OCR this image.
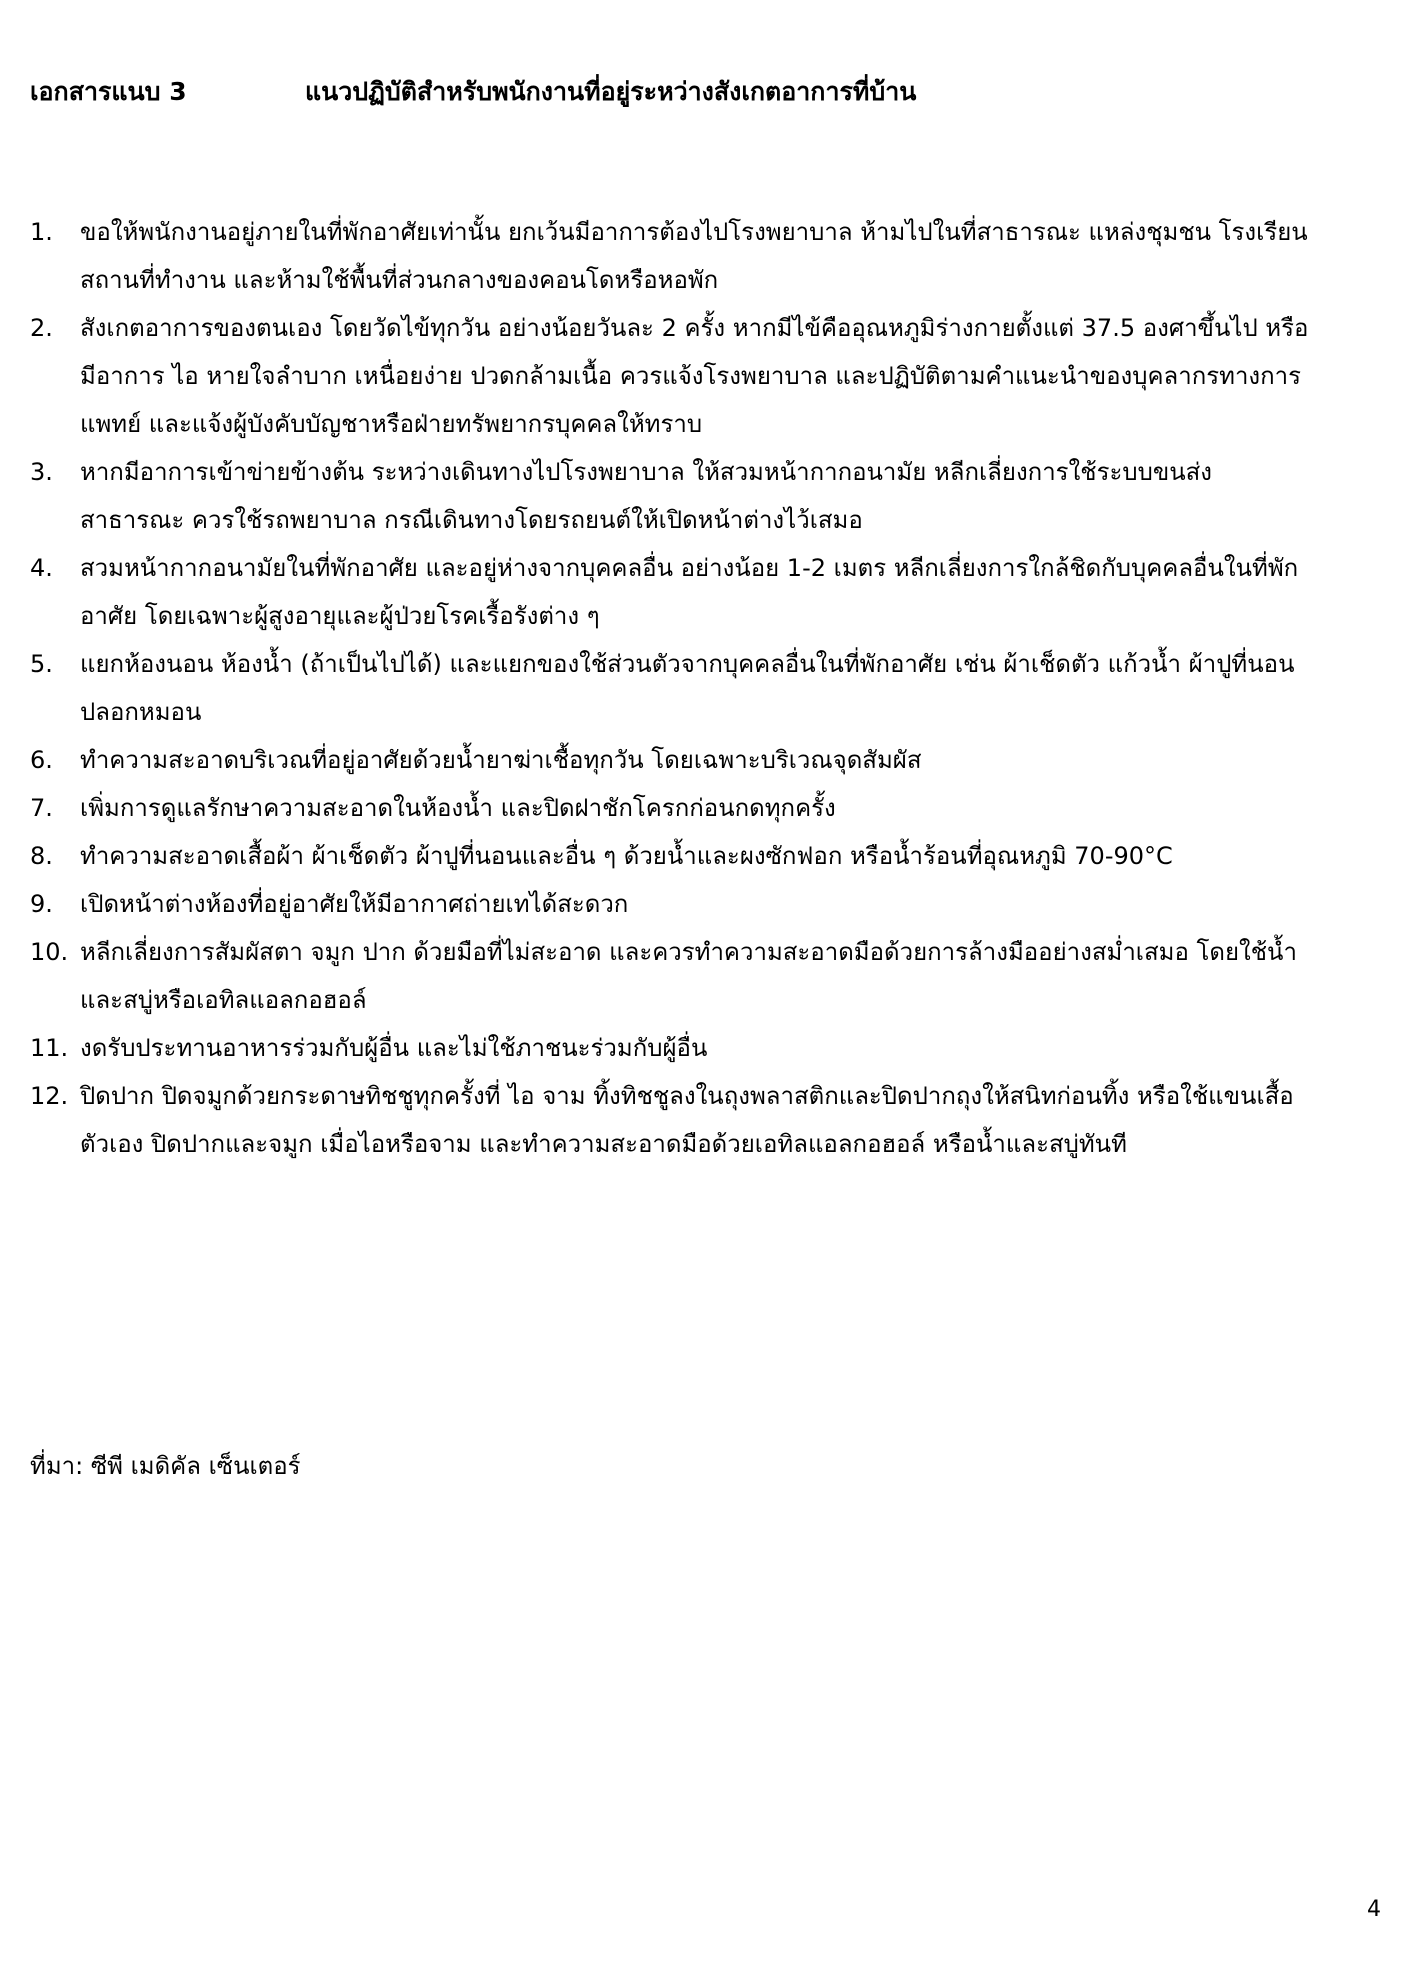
เอกสารแนบ 3	แนวปฏิบัติสำหรับพนักงานที่อยู่ระหว่างสังเกตอาการที่บ้าน
1.	ขอให้พนักงานอยู่ภายในที่พักอาศัยเท่านั้น ยกเว้นมีอาการต้องไปโรงพยาบาล ห้ามไปในที่สาธารณะ แหล่งชุมชน โรงเรียน สถานที่ทำงาน และห้ามใช้พื้นที่ส่วนกลางของคอนโดหรือหอพัก
2.	สังเกตอาการของตนเอง โดยวัดไข้ทุกวัน อย่างน้อยวันละ 2 ครั้ง หากมีไข้คืออุณหภูมิร่างกายตั้งแต่ 37.5 องศาขึ้นไป หรือมีอาการ ไอ หายใจลำบาก เหนื่อยง่าย ปวดกล้ามเนื้อ ควรแจ้งโรงพยาบาล และปฏิบัติตามคำแนะนำของบุคลากรทางการแพทย์ และแจ้งผู้บังคับบัญชาหรือฝ่ายทรัพยากรบุคคลให้ทราบ
3.	หากมีอาการเข้าข่ายข้างต้น ระหว่างเดินทางไปโรงพยาบาล ให้สวมหน้ากากอนามัย หลีกเลี่ยงการใช้ระบบขนส่งสาธารณะ ควรใช้รถพยาบาล กรณีเดินทางโดยรถยนต์ให้เปิดหน้าต่างไว้เสมอ
4.	สวมหน้ากากอนามัยในที่พักอาศัย และอยู่ห่างจากบุคคลอื่น อย่างน้อย 1-2 เมตร หลีกเลี่ยงการใกล้ชิดกับบุคคลอื่นในที่พักอาศัย โดยเฉพาะผู้สูงอายุและผู้ป่วยโรคเรื้อรังต่าง ๆ
5.	แยกห้องนอน ห้องน้ำ (ถ้าเป็นไปได้) และแยกของใช้ส่วนตัวจากบุคคลอื่นในที่พักอาศัย เช่น ผ้าเช็ดตัว แก้วน้ำ ผ้าปูที่นอน ปลอกหมอน
6.	ทำความสะอาดบริเวณที่อยู่อาศัยด้วยน้ำยาฆ่าเชื้อทุกวัน โดยเฉพาะบริเวณจุดสัมผัส
7.	เพิ่มการดูแลรักษาความสะอาดในห้องน้ำ และปิดฝาชักโครกก่อนกดทุกครั้ง
8.	ทำความสะอาดเสื้อผ้า ผ้าเช็ดตัว ผ้าปูที่นอนและอื่น ๆ ด้วยน้ำและผงซักฟอก หรือน้ำร้อนที่อุณหภูมิ 70-90°C
9.	เปิดหน้าต่างห้องที่อยู่อาศัยให้มีอากาศถ่ายเทได้สะดวก
10. หลีกเลี่ยงการสัมผัสตา จมูก ปาก ด้วยมือที่ไม่สะอาด และควรทำความสะอาดมือด้วยการล้างมืออย่างสม่ำเสมอ โดยใช้น้ำและสบู่หรือเอทิลแอลกอฮอล์
11. งดรับประทานอาหารร่วมกับผู้อื่น และไม่ใช้ภาชนะร่วมกับผู้อื่น
12. ปิดปาก ปิดจมูกด้วยกระดาษทิชชูทุกครั้งที่ ไอ จาม ทิ้งทิชชูลงในถุงพลาสติกและปิดปากถุงให้สนิทก่อนทิ้ง หรือใช้แขนเสื้อตัวเอง ปิดปากและจมูก เมื่อไอหรือจาม และทำความสะอาดมือด้วยเอทิลแอลกอฮอล์ หรือน้ำและสบู่ทันที
ที่มา: ซีพี เมดิคัล เซ็นเตอร์
4
